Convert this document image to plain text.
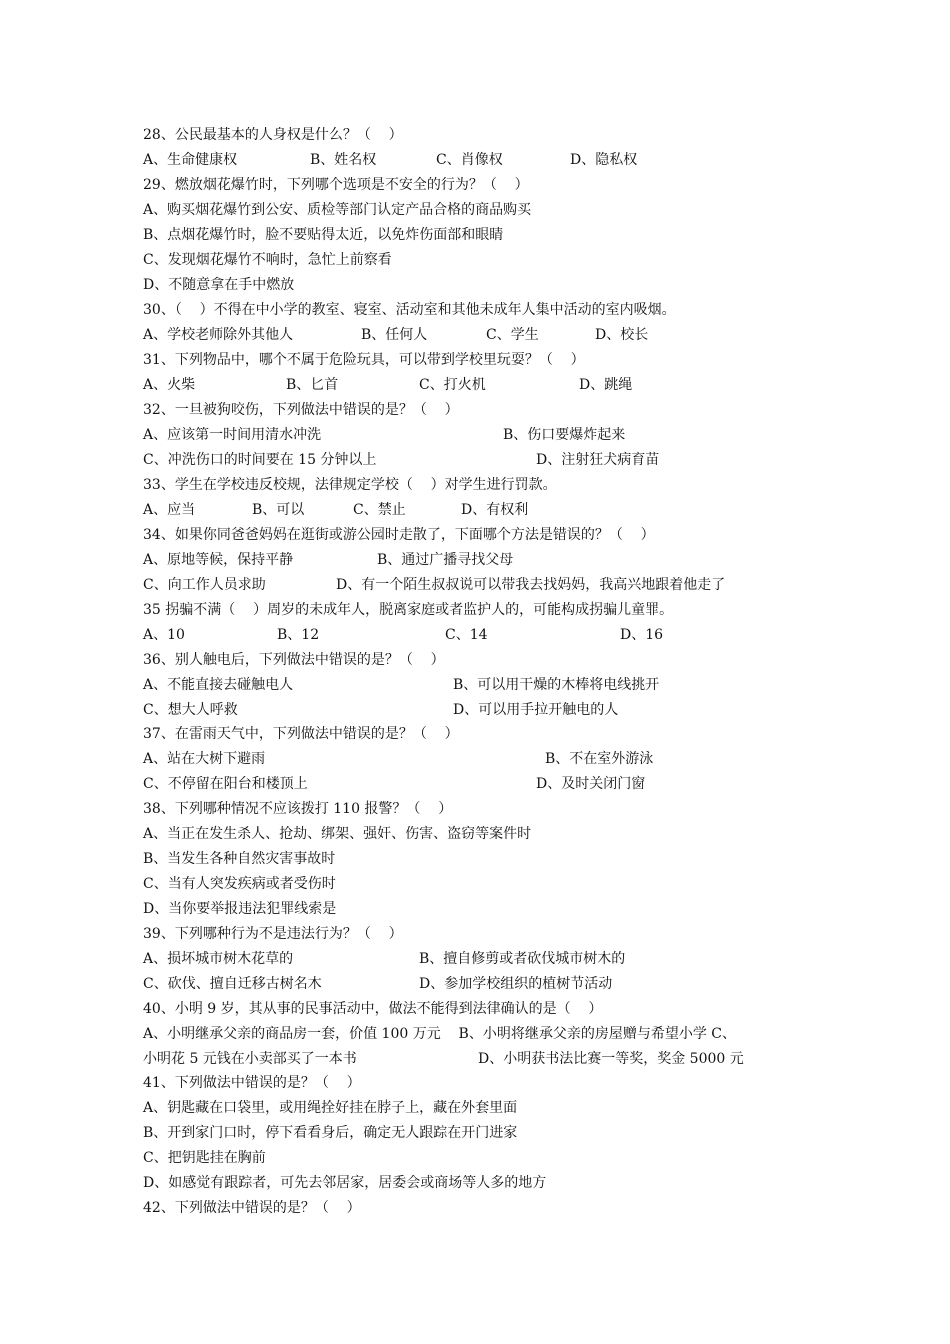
28、公民最基本的人身权是什么？（    ）

A、生命健康权

	B、姓名权

	C、肖像权

	D、隐私权

29、燃放烟花爆竹时，下列哪个选项是不安全的行为？（    ）

A、购买烟花爆竹到公安、质检等部门认定产品合格的商品购买
B、点烟花爆竹时，脸不要贴得太近，以免炸伤面部和眼睛
C、发现烟花爆竹不响时，急忙上前察看
D、不随意拿在手中燃放

30、（    ）不得在中小学的教室、寝室、活动室和其他未成年人集中活动的室内吸烟。

A、学校老师除外其他人

	B、任何人

	C、学生

	D、校长

31、下列物品中，哪个不属于危险玩具，可以带到学校里玩耍？（    ）

A、火柴

	B、匕首

	C、打火机

	D、跳绳

32、一旦被狗咬伤，下列做法中错误的是？（    ）

A、应该第一时间用清水冲洗

	B、伤口要爆炸起来

C、冲洗伤口的时间要在 15 分钟以上

	D、注射狂犬病育苗

33、学生在学校违反校规，法律规定学校（    ）对学生进行罚款。

A、应当

	B、可以

	C、禁止

	D、有权利

34、如果你同爸爸妈妈在逛街或游公园时走散了，下面哪个方法是错误的？（    ）

A、原地等候，保持平静

	B、通过广播寻找父母

C、向工作人员求助

	D、有一个陌生叔叔说可以带我去找妈妈，我高兴地跟着他走了

35 拐骗不满（    ）周岁的未成年人，脱离家庭或者监护人的，可能构成拐骗儿童罪。

A、10

	B、12

	C、14

	D、16

36、别人触电后，下列做法中错误的是？（    ）

A、不能直接去碰触电人

	B、可以用干燥的木棒将电线挑开

C、想大人呼救

	D、可以用手拉开触电的人

37、在雷雨天气中，下列做法中错误的是？（    ）

A、站在大树下避雨

	B、不在室外游泳

C、不停留在阳台和楼顶上

	D、及时关闭门窗

38、下列哪种情况不应该拨打 110 报警？（    ）

A、当正在发生杀人、抢劫、绑架、强奸、伤害、盗窃等案件时
B、当发生各种自然灾害事故时
C、当有人突发疾病或者受伤时
D、当你要举报违法犯罪线索是

39、下列哪种行为不是违法行为？（    ）

A、损坏城市树木花草的

	B、擅自修剪或者砍伐城市树木的

C、砍伐、擅自迁移古树名木

	D、参加学校组织的植树节活动

40、小明 9 岁，其从事的民事活动中，做法不能得到法律确认的是（    ）

A、小明继承父亲的商品房一套，价值 100 万元    B、小明将继承父亲的房屋赠与希望小学 C、

小明花 5 元钱在小卖部买了一本书

	D、小明获书法比赛一等奖，奖金 5000 元

41、下列做法中错误的是？（    ）

A、钥匙藏在口袋里，或用绳拴好挂在脖子上，藏在外套里面
B、开到家门口时，停下看看身后，确定无人跟踪在开门进家
C、把钥匙挂在胸前
D、如感觉有跟踪者，可先去邻居家，居委会或商场等人多的地方

42、下列做法中错误的是？（    ）
